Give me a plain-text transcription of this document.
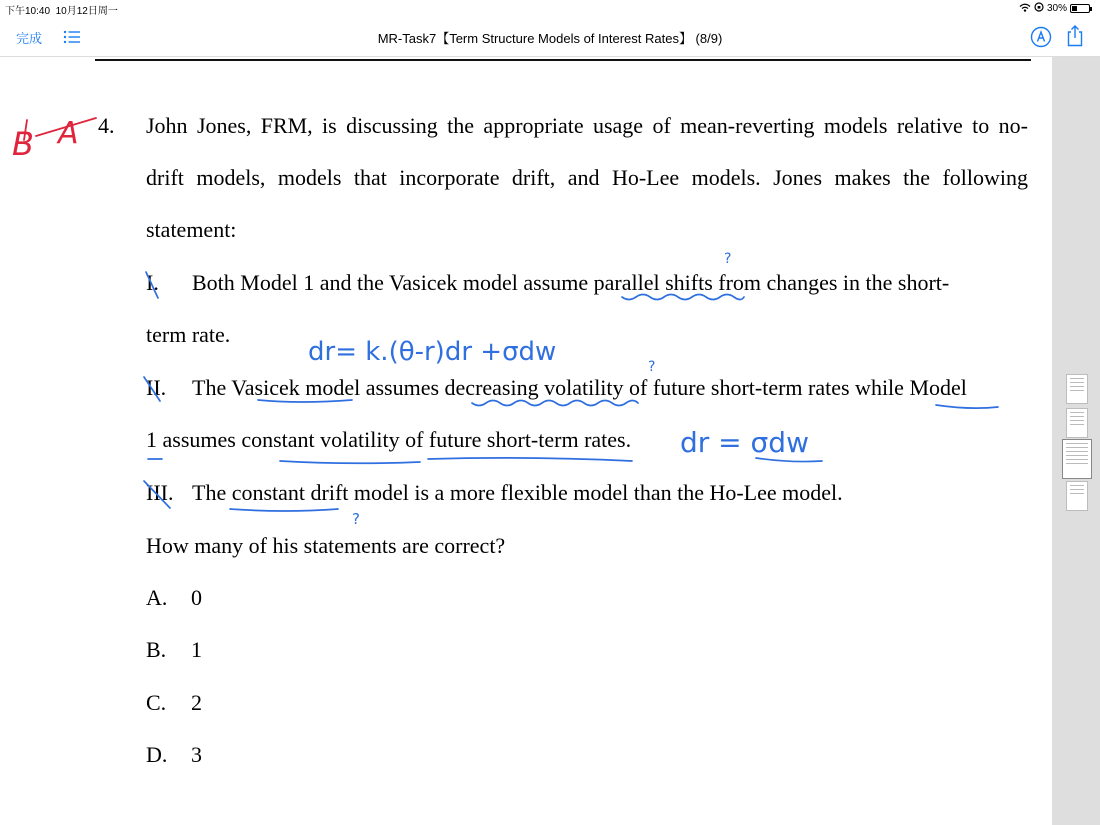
下午10:40 10月12日周一	30%
完成	MR-Task7【Term Structure Models of Interest Rates】 (8/9)
4. John Jones, FRM, is discussing the appropriate usage of mean-reverting models relative to no-
drift models, models that incorporate drift, and Ho-Lee models. Jones makes the following
statement:
I. Both Model 1 and the Vasicek model assume parallel shifts from changes in the short-
term rate.
II. The Vasicek model assumes decreasing volatility of future short-term rates while Model
1 assumes constant volatility of future short-term rates.
III. The constant drift model is a more flexible model than the Ho-Lee model.
How many of his statements are correct?
A. 0
B. 1
C. 2
D. 3
B A
dr= k.(θ-r)dr +σdw
dr = σdw
?
?
?
